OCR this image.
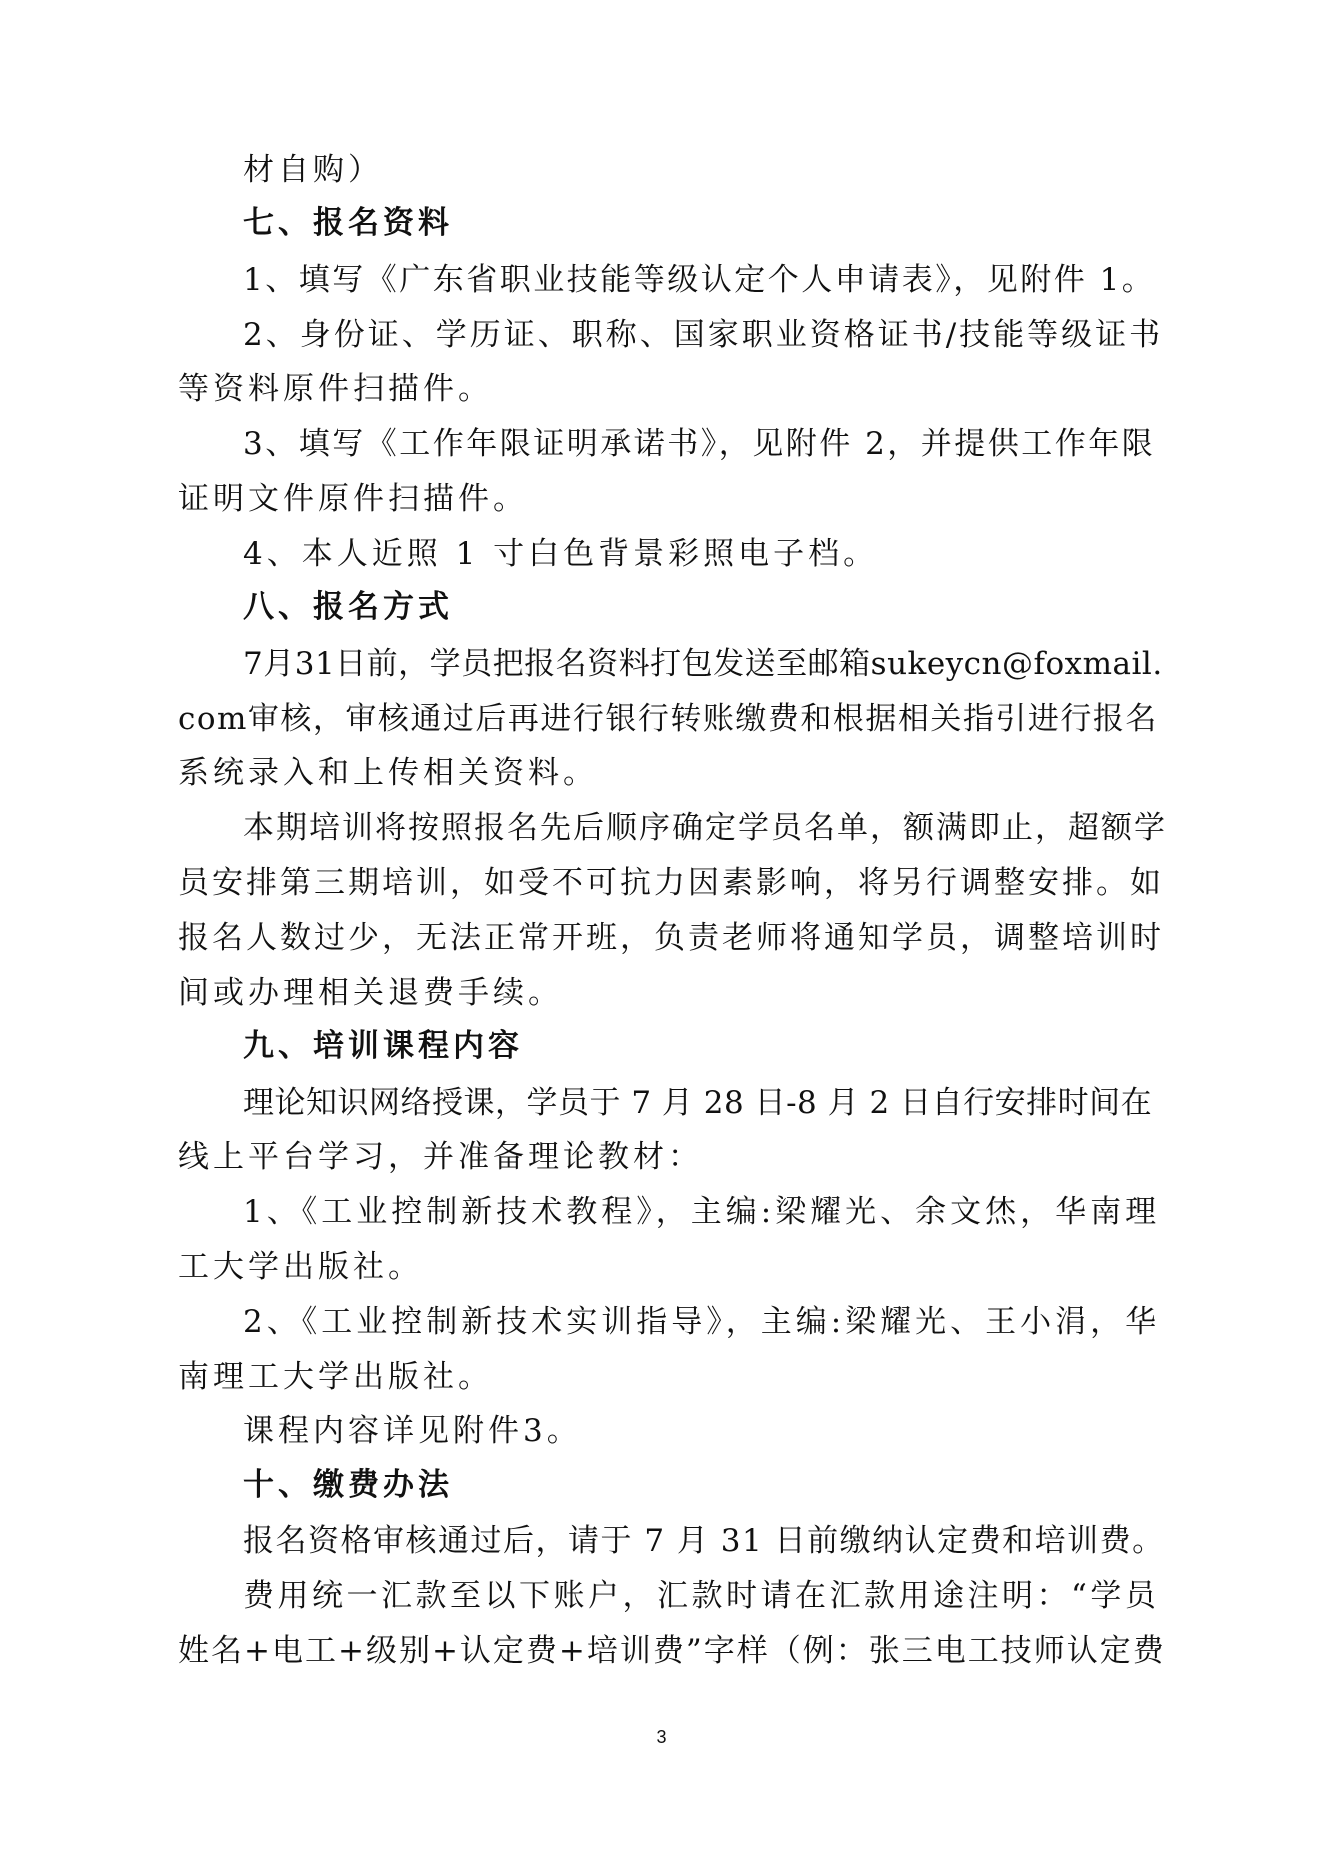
材自购）
七、报名资料
1、填写《广东省职业技能等级认定个人申请表》，见附件 1。
2、身份证、学历证、职称、国家职业资格证书/技能等级证书
等资料原件扫描件。
3、填写《工作年限证明承诺书》，见附件 2，并提供工作年限
证明文件原件扫描件。
4、本人近照 1 寸白色背景彩照电子档。
八、报名方式
7月31日前，学员把报名资料打包发送至邮箱sukeycn@foxmail.
com审核，审核通过后再进行银行转账缴费和根据相关指引进行报名
系统录入和上传相关资料。
本期培训将按照报名先后顺序确定学员名单，额满即止，超额学
员安排第三期培训，如受不可抗力因素影响，将另行调整安排。如
报名人数过少，无法正常开班，负责老师将通知学员，调整培训时
间或办理相关退费手续。
九、培训课程内容
理论知识网络授课，学员于 7 月 28 日-8 月 2 日自行安排时间在
线上平台学习，并准备理论教材：
1、《工业控制新技术教程》，主编:梁耀光、余文烋，华南理
工大学出版社。
2、《工业控制新技术实训指导》，主编:梁耀光、王小涓，华
南理工大学出版社。
课程内容详见附件3。
十、缴费办法
报名资格审核通过后，请于 7 月 31 日前缴纳认定费和培训费。
费用统一汇款至以下账户，汇款时请在汇款用途注明：“学员
姓名+电工+级别+认定费+培训费”字样（例：张三电工技师认定费
3
